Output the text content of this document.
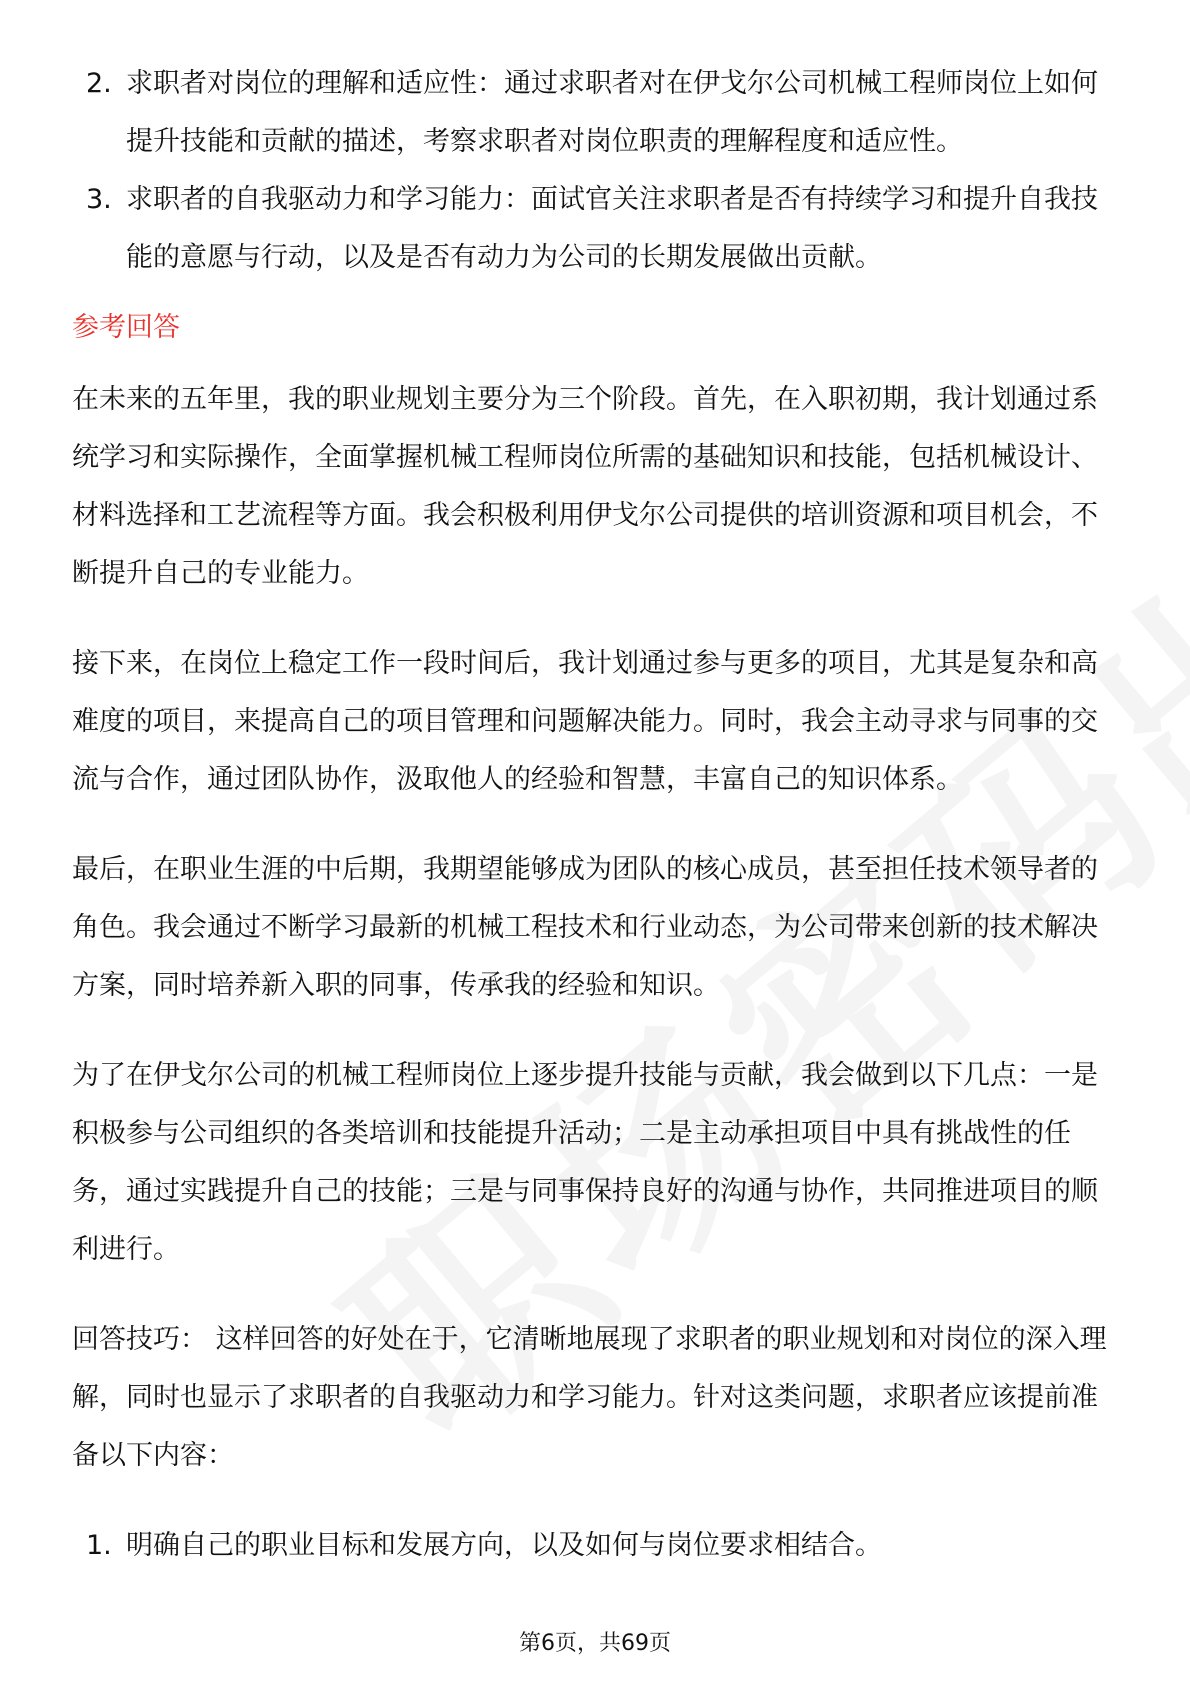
2. 求职者对岗位的理解和适应性：通过求职者对在伊戈尔公司机械工程师岗位上如何提升技能和贡献的描述，考察求职者对岗位职责的理解程度和适应性。
3. 求职者的自我驱动力和学习能力：面试官关注求职者是否有持续学习和提升自我技能的意愿与行动，以及是否有动力为公司的长期发展做出贡献。
参考回答

在未来的五年里，我的职业规划主要分为三个阶段。首先，在入职初期，我计划通过系统学习和实际操作，全面掌握机械工程师岗位所需的基础知识和技能，包括机械设计、材料选择和工艺流程等方面。我会积极利用伊戈尔公司提供的培训资源和项目机会，不断提升自己的专业能力。

接下来，在岗位上稳定工作一段时间后，我计划通过参与更多的项目，尤其是复杂和高难度的项目，来提高自己的项目管理和问题解决能力。同时，我会主动寻求与同事的交流与合作，通过团队协作，汲取他人的经验和智慧，丰富自己的知识体系。

最后，在职业生涯的中后期，我期望能够成为团队的核心成员，甚至担任技术领导者的角色。我会通过不断学习最新的机械工程技术和行业动态，为公司带来创新的技术解决方案，同时培养新入职的同事，传承我的经验和知识。

为了在伊戈尔公司的机械工程师岗位上逐步提升技能与贡献，我会做到以下几点：一是积极参与公司组织的各类培训和技能提升活动；二是主动承担项目中具有挑战性的任务，通过实践提升自己的技能；三是与同事保持良好的沟通与协作，共同推进项目的顺利进行。

回答技巧： 这样回答的好处在于，它清晰地展现了求职者的职业规划和对岗位的深入理解，同时也显示了求职者的自我驱动力和学习能力。针对这类问题，求职者应该提前准备以下内容：

1. 明确自己的职业目标和发展方向，以及如何与岗位要求相结合。
第6页，共69页
